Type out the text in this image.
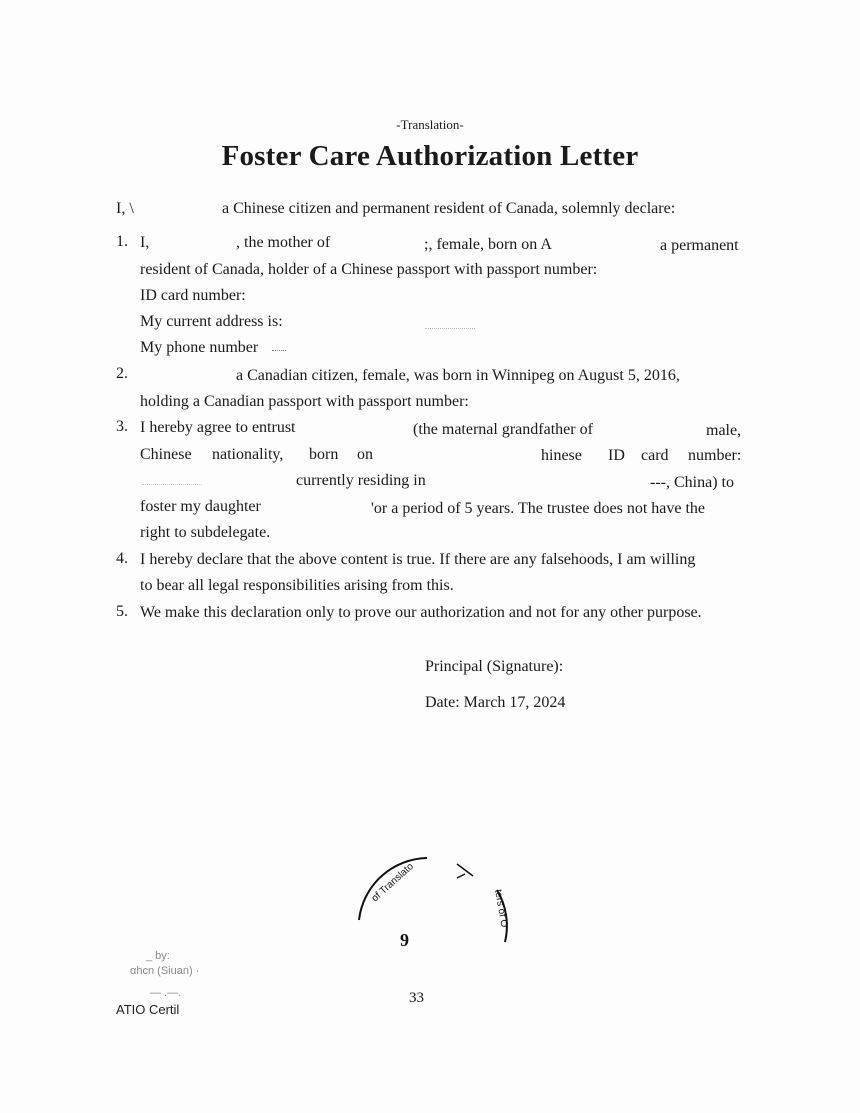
-Translation-
Foster Care Authorization Letter
I, \	a Chinese citizen and permanent resident of Canada, solemnly declare:
1. I,	, the mother of	;, female, born on A	a permanent
resident of Canada, holder of a Chinese passport with passport number:
ID card number:
My current address is:
My phone number
2.	a Canadian citizen, female, was born in Winnipeg on August 5, 2016,
holding a Canadian passport with passport number:
3. I hereby agree to entrust	(the maternal grandfather of	male,
Chinese nationality, born on	hinese ID card number:
currently residing in	---, China) to
foster my daughter	'or a period of 5 years. The trustee does not have the
right to subdelegate.
4. I hereby declare that the above content is true. If there are any falsehoods, I am willing
to bear all legal responsibilities arising from this.
5. We make this declaration only to prove our authorization and not for any other purpose.
Principal (Signature):
Date: March 17, 2024
of Translato
ters of O
9
33
_ by:
αhcn (Siuan) ·
— .—.
ATIO Certil
